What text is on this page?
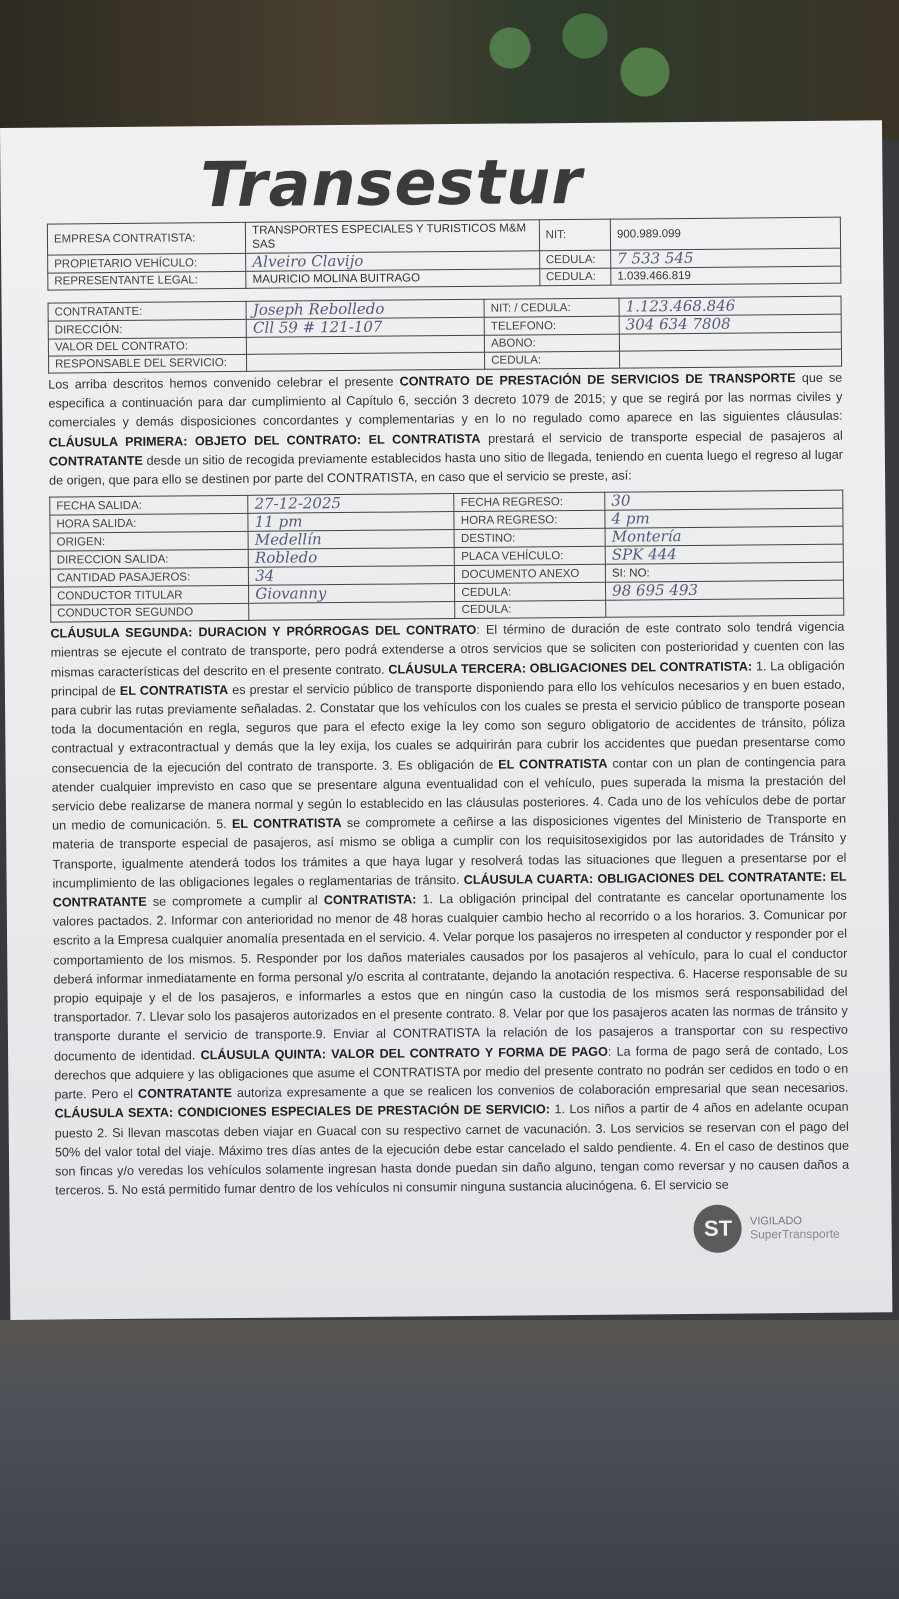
Transestur
EMPRESA CONTRATISTA:	TRANSPORTES ESPECIALES Y TURISTICOS M&M SAS	NIT:	900.989.099
PROPIETARIO VEHÍCULO:	Alveiro Clavijo	CEDULA:	7 533 545
REPRESENTANTE LEGAL:	MAURICIO MOLINA BUITRAGO	CEDULA:	1.039.466.819
CONTRATANTE:	Joseph Rebolledo	NIT: / CEDULA:	1.123.468.846
DIRECCIÓN:	Cll 59 # 121-107	TELEFONO:	304 634 7808
VALOR DEL CONTRATO:		ABONO:	
RESPONSABLE DEL SERVICIO:		CEDULA:	
Los arriba descritos hemos convenido celebrar el presente CONTRATO DE PRESTACIÓN DE SERVICIOS DE TRANSPORTE que se especifica a continuación para dar cumplimiento al Capítulo 6, sección 3 decreto 1079 de 2015; y que se regirá por las normas civiles y comerciales y demás disposiciones concordantes y complementarias y en lo no regulado como aparece en las siguientes cláusulas: CLÁUSULA PRIMERA: OBJETO DEL CONTRATO: EL CONTRATISTA prestará el servicio de transporte especial de pasajeros al CONTRATANTE desde un sitio de recogida previamente establecidos hasta uno sitio de llegada, teniendo en cuenta luego el regreso al lugar de origen, que para ello se destinen por parte del CONTRATISTA, en caso que el servicio se preste, así:
FECHA SALIDA:	27-12-2025	FECHA REGRESO:	30
HORA SALIDA:	11 pm	HORA REGRESO:	4 pm
ORIGEN:	Medellín	DESTINO:	Montería
DIRECCION SALIDA:	Robledo	PLACA VEHÍCULO:	SPK 444
CANTIDAD PASAJEROS:	34	DOCUMENTO ANEXO	SI: NO:
CONDUCTOR TITULAR	Giovanny	CEDULA:	98 695 493
CONDUCTOR SEGUNDO		CEDULA:	
CLÁUSULA SEGUNDA: DURACION Y PRÓRROGAS DEL CONTRATO: El término de duración de este contrato solo tendrá vigencia mientras se ejecute el contrato de transporte, pero podrá extenderse a otros servicios que se soliciten con posterioridad y cuenten con las mismas características del descrito en el presente contrato. CLÁUSULA TERCERA: OBLIGACIONES DEL CONTRATISTA: 1. La obligación principal de EL CONTRATISTA es prestar el servicio público de transporte disponiendo para ello los vehículos necesarios y en buen estado, para cubrir las rutas previamente señaladas. 2. Constatar que los vehículos con los cuales se presta el servicio público de transporte posean toda la documentación en regla, seguros que para el efecto exige la ley como son seguro obligatorio de accidentes de tránsito, póliza contractual y extracontractual y demás que la ley exija, los cuales se adquirirán para cubrir los accidentes que puedan presentarse como consecuencia de la ejecución del contrato de transporte. 3. Es obligación de EL CONTRATISTA contar con un plan de contingencia para atender cualquier imprevisto en caso que se presentare alguna eventualidad con el vehículo, pues superada la misma la prestación del servicio debe realizarse de manera normal y según lo establecido en las cláusulas posteriores. 4. Cada uno de los vehículos debe de portar un medio de comunicación. 5. EL CONTRATISTA se compromete a ceñirse a las disposiciones vigentes del Ministerio de Transporte en materia de transporte especial de pasajeros, así mismo se obliga a cumplir con los requisitosexigidos por las autoridades de Tránsito y Transporte, igualmente atenderá todos los trámites a que haya lugar y resolverá todas las situaciones que lleguen a presentarse por el incumplimiento de las obligaciones legales o reglamentarias de tránsito. CLÁUSULA CUARTA: OBLIGACIONES DEL CONTRATANTE: EL CONTRATANTE se compromete a cumplir al CONTRATISTA: 1. La obligación principal del contratante es cancelar oportunamente los valores pactados. 2. Informar con anterioridad no menor de 48 horas cualquier cambio hecho al recorrido o a los horarios. 3. Comunicar por escrito a la Empresa cualquier anomalía presentada en el servicio. 4. Velar porque los pasajeros no irrespeten al conductor y responder por el comportamiento de los mismos. 5. Responder por los daños materiales causados por los pasajeros al vehículo, para lo cual el conductor deberá informar inmediatamente en forma personal y/o escrita al contratante, dejando la anotación respectiva. 6. Hacerse responsable de su propio equipaje y el de los pasajeros, e informarles a estos que en ningún caso la custodia de los mismos será responsabilidad del transportador. 7. Llevar solo los pasajeros autorizados en el presente contrato. 8. Velar por que los pasajeros acaten las normas de tránsito y transporte durante el servicio de transporte.9. Enviar al CONTRATISTA la relación de los pasajeros a transportar con su respectivo documento de identidad. CLÁUSULA QUINTA: VALOR DEL CONTRATO Y FORMA DE PAGO: La forma de pago será de contado, Los derechos que adquiere y las obligaciones que asume el CONTRATISTA por medio del presente contrato no podrán ser cedidos en todo o en parte. Pero el CONTRATANTE autoriza expresamente a que se realicen los convenios de colaboración empresarial que sean necesarios. CLÁUSULA SEXTA: CONDICIONES ESPECIALES DE PRESTACIÓN DE SERVICIO: 1. Los niños a partir de 4 años en adelante ocupan puesto 2. Si llevan mascotas deben viajar en Guacal con su respectivo carnet de vacunación. 3. Los servicios se reservan con el pago del 50% del valor total del viaje. Máximo tres días antes de la ejecución debe estar cancelado el saldo pendiente. 4. En el caso de destinos que son fincas y/o veredas los vehículos solamente ingresan hasta donde puedan sin daño alguno, tengan como reversar y no causen daños a terceros. 5. No está permitido fumar dentro de los vehículos ni consumir ninguna sustancia alucinógena. 6. El servicio se
ST	VIGILADO
SuperTransporte
